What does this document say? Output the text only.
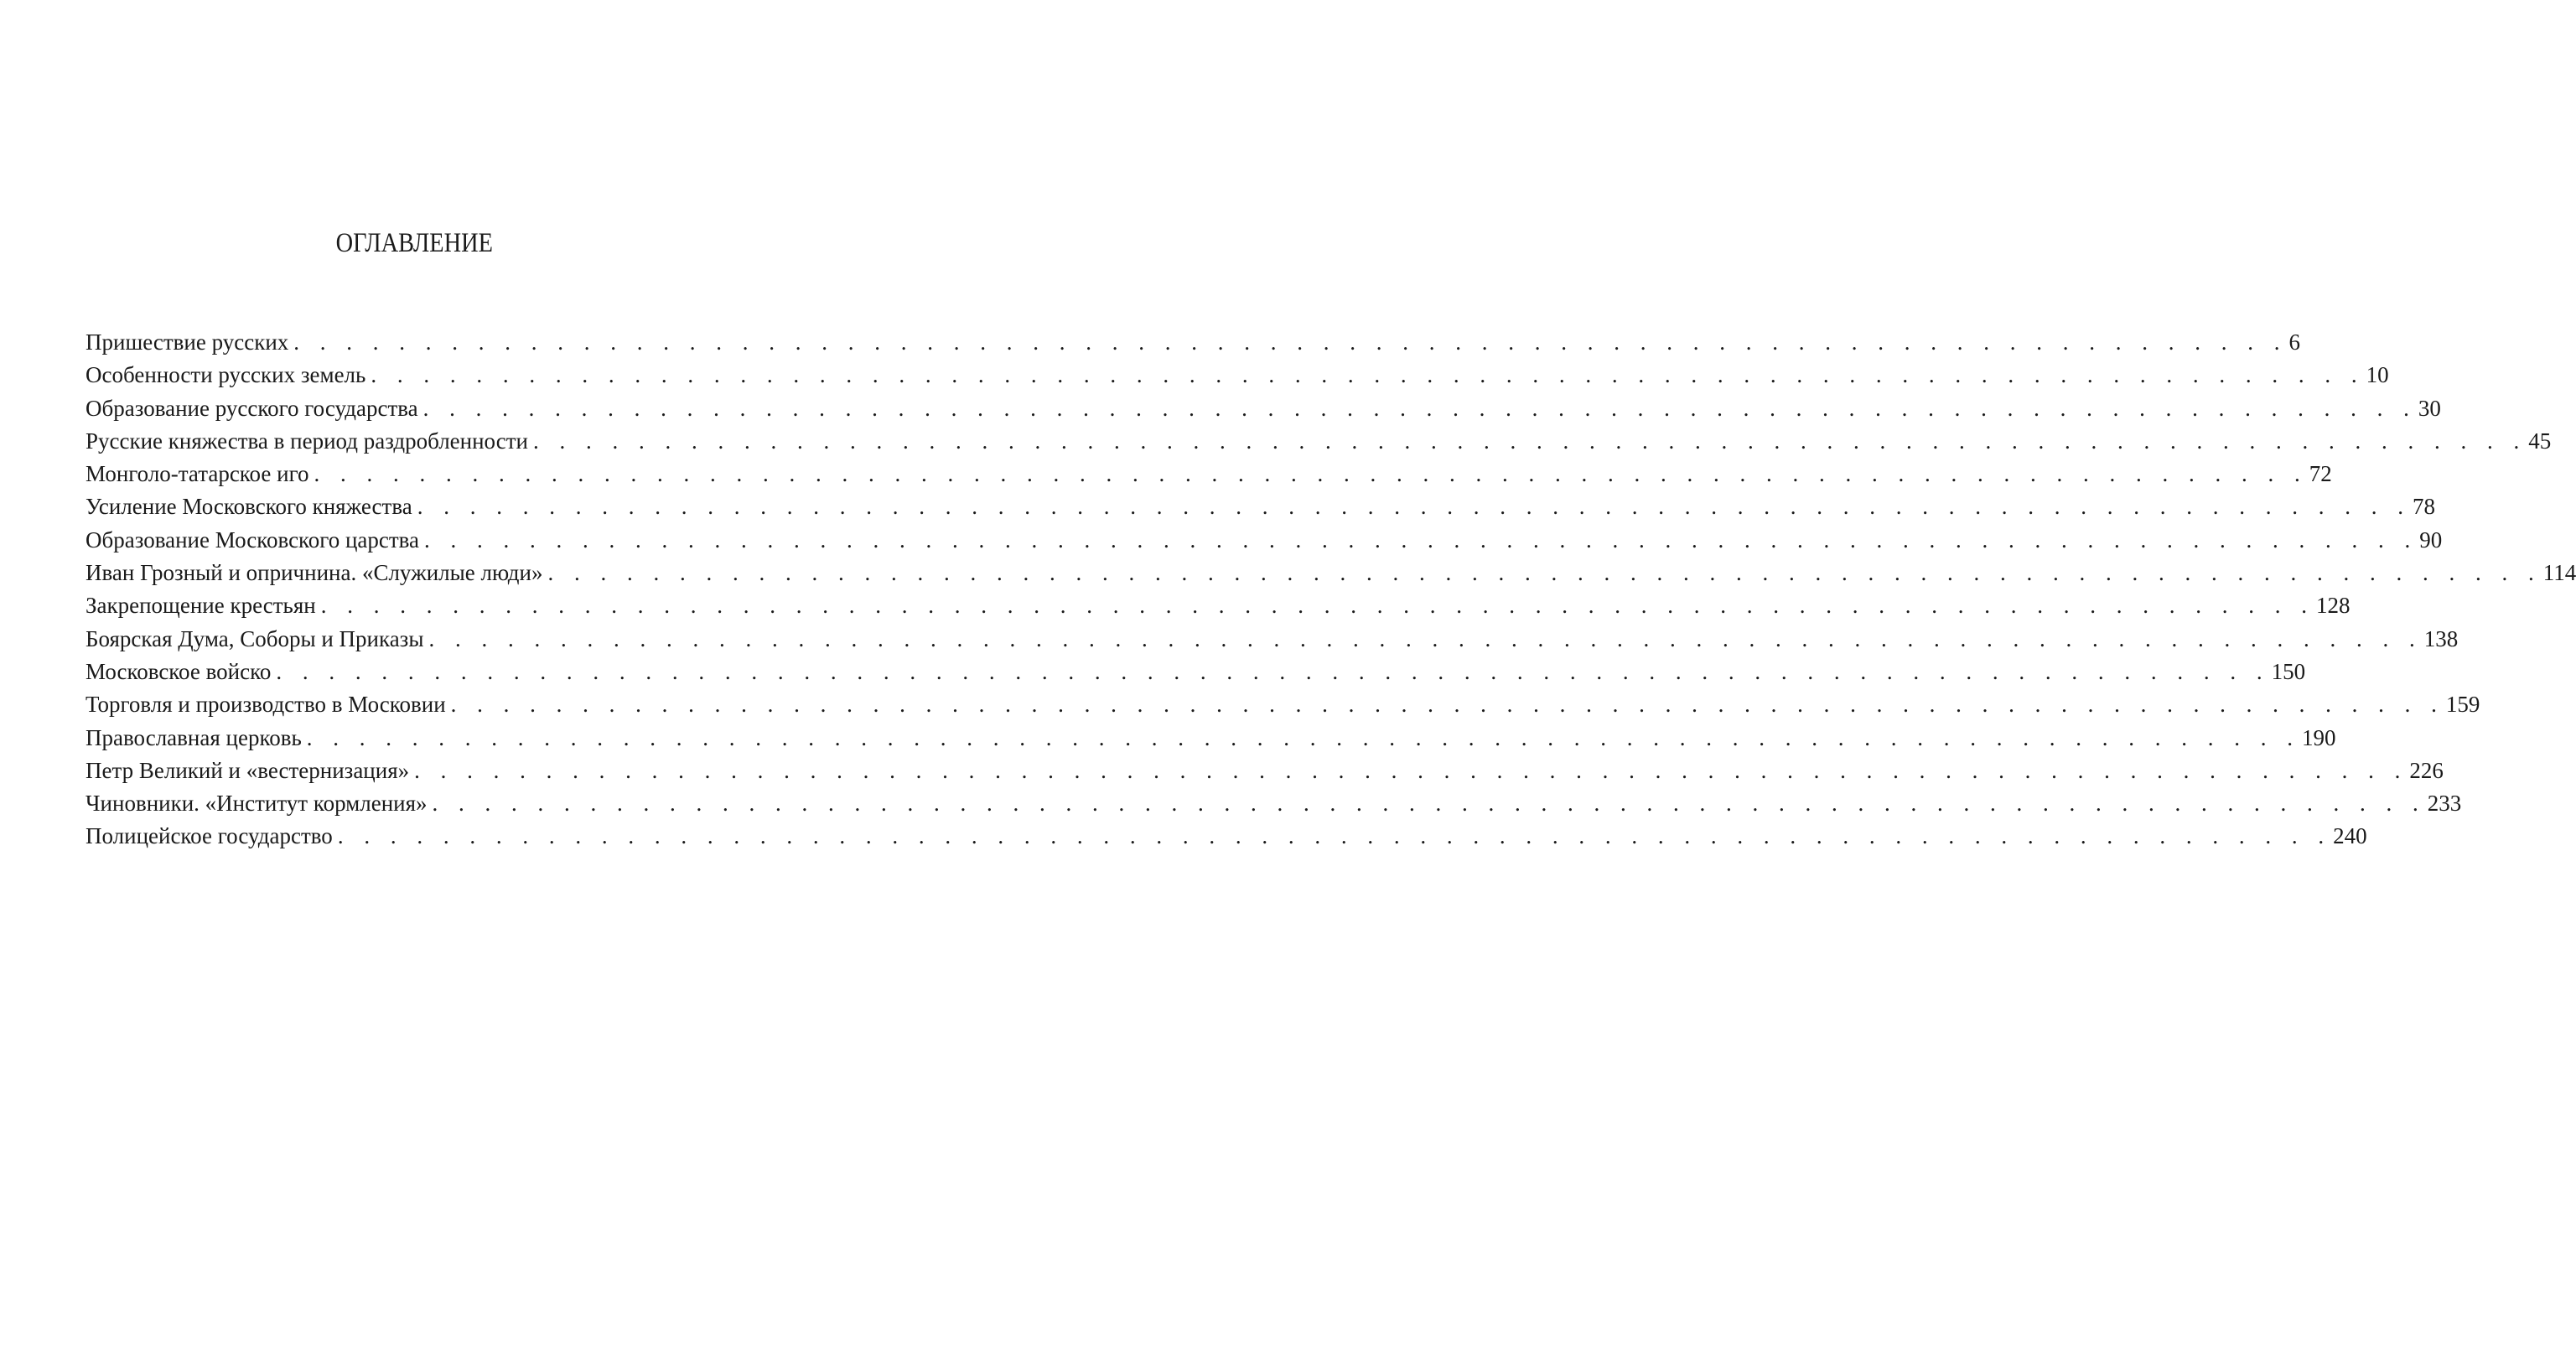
ОГЛАВЛЕНИЕ
Пришествие русских . . . . . . . . . . . . . . . . . . . . . . . . . . . . . . . . . . . . . . . . . . . . . . . . . . . . . . . . . . . . . . . . . . . . . . . . . . . . 6
Особенности русских земель . . . . . . . . . . . . . . . . . . . . . . . . . . . . . . . . . . . . . . . . . . . . . . . . . . . . . . . . . . . . . . . . . . . . . . . . . . . . 10
Образование русского государства . . . . . . . . . . . . . . . . . . . . . . . . . . . . . . . . . . . . . . . . . . . . . . . . . . . . . . . . . . . . . . . . . . . . . . . . . . . . 30
Русские княжества в период раздробленности . . . . . . . . . . . . . . . . . . . . . . . . . . . . . . . . . . . . . . . . . . . . . . . . . . . . . . . . . . . . . . . . . . . . . . . . . . . . 45
Монголо-татарское иго . . . . . . . . . . . . . . . . . . . . . . . . . . . . . . . . . . . . . . . . . . . . . . . . . . . . . . . . . . . . . . . . . . . . . . . . . . . . 72
Усиление Московского княжества . . . . . . . . . . . . . . . . . . . . . . . . . . . . . . . . . . . . . . . . . . . . . . . . . . . . . . . . . . . . . . . . . . . . . . . . . . . . 78
Образование Московского царства . . . . . . . . . . . . . . . . . . . . . . . . . . . . . . . . . . . . . . . . . . . . . . . . . . . . . . . . . . . . . . . . . . . . . . . . . . . . 90
Иван Грозный и опричнина. «Служилые люди» . . . . . . . . . . . . . . . . . . . . . . . . . . . . . . . . . . . . . . . . . . . . . . . . . . . . . . . . . . . . . . . . . . . . . . . . . . . . 114
Закрепощение крестьян . . . . . . . . . . . . . . . . . . . . . . . . . . . . . . . . . . . . . . . . . . . . . . . . . . . . . . . . . . . . . . . . . . . . . . . . . . . . 128
Боярская Дума, Соборы и Приказы . . . . . . . . . . . . . . . . . . . . . . . . . . . . . . . . . . . . . . . . . . . . . . . . . . . . . . . . . . . . . . . . . . . . . . . . . . . . 138
Московское войско . . . . . . . . . . . . . . . . . . . . . . . . . . . . . . . . . . . . . . . . . . . . . . . . . . . . . . . . . . . . . . . . . . . . . . . . . . . . 150
Торговля и производство в Московии . . . . . . . . . . . . . . . . . . . . . . . . . . . . . . . . . . . . . . . . . . . . . . . . . . . . . . . . . . . . . . . . . . . . . . . . . . . . 159
Православная церковь . . . . . . . . . . . . . . . . . . . . . . . . . . . . . . . . . . . . . . . . . . . . . . . . . . . . . . . . . . . . . . . . . . . . . . . . . . . . 190
Петр Великий и «вестернизация» . . . . . . . . . . . . . . . . . . . . . . . . . . . . . . . . . . . . . . . . . . . . . . . . . . . . . . . . . . . . . . . . . . . . . . . . . . . . 226
Чиновники. «Институт кормления» . . . . . . . . . . . . . . . . . . . . . . . . . . . . . . . . . . . . . . . . . . . . . . . . . . . . . . . . . . . . . . . . . . . . . . . . . . . . 233
Полицейское государство . . . . . . . . . . . . . . . . . . . . . . . . . . . . . . . . . . . . . . . . . . . . . . . . . . . . . . . . . . . . . . . . . . . . . . . . . . . . 240
